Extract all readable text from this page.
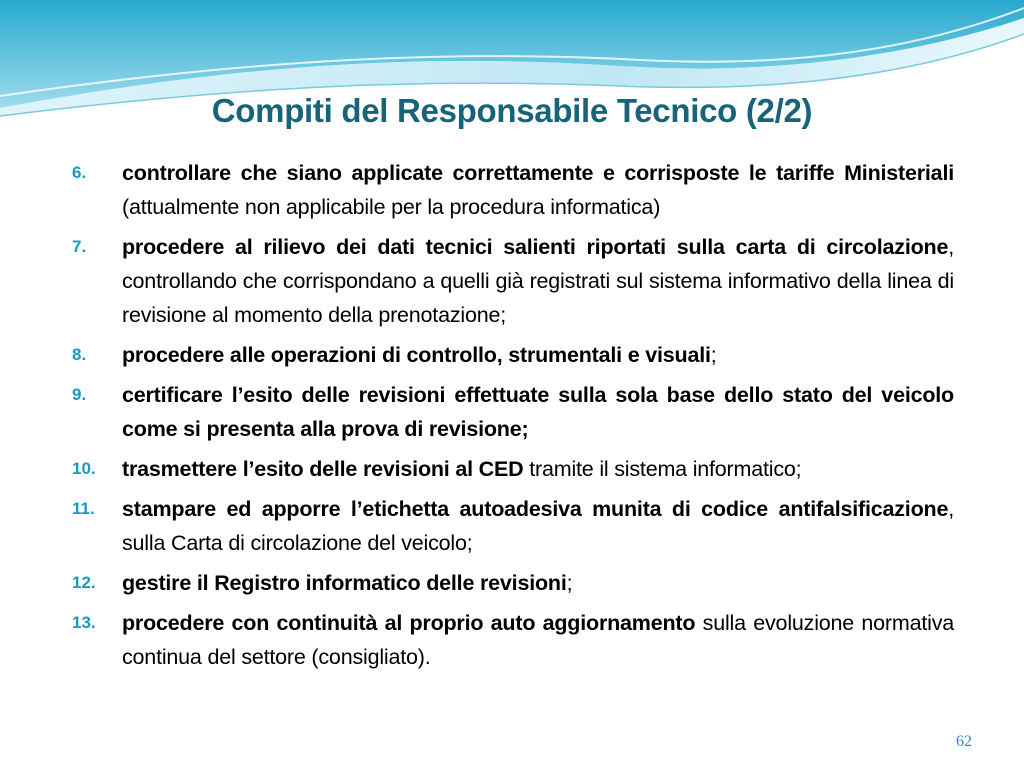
Compiti del Responsabile Tecnico (2/2)
6.	controllare che siano applicate correttamente e corrisposte le tariffe Ministeriali (attualmente non applicabile per la procedura informatica)
7.	procedere al rilievo dei dati tecnici salienti riportati sulla carta di circolazione, controllando che corrispondano a quelli già registrati sul sistema informativo della linea di revisione al momento della prenotazione;
8.	procedere alle operazioni di controllo, strumentali e visuali;
9.	certificare l’esito delle revisioni effettuate sulla sola base dello stato del veicolo come si presenta alla prova di revisione;
10.	trasmettere l’esito delle revisioni al CED tramite il sistema informatico;
11.	stampare ed apporre l’etichetta autoadesiva munita di codice antifalsificazione, sulla Carta di circolazione del veicolo;
12.	gestire il Registro informatico delle revisioni;
13.	procedere con continuità al proprio auto aggiornamento sulla evoluzione normativa continua del settore (consigliato).
62
